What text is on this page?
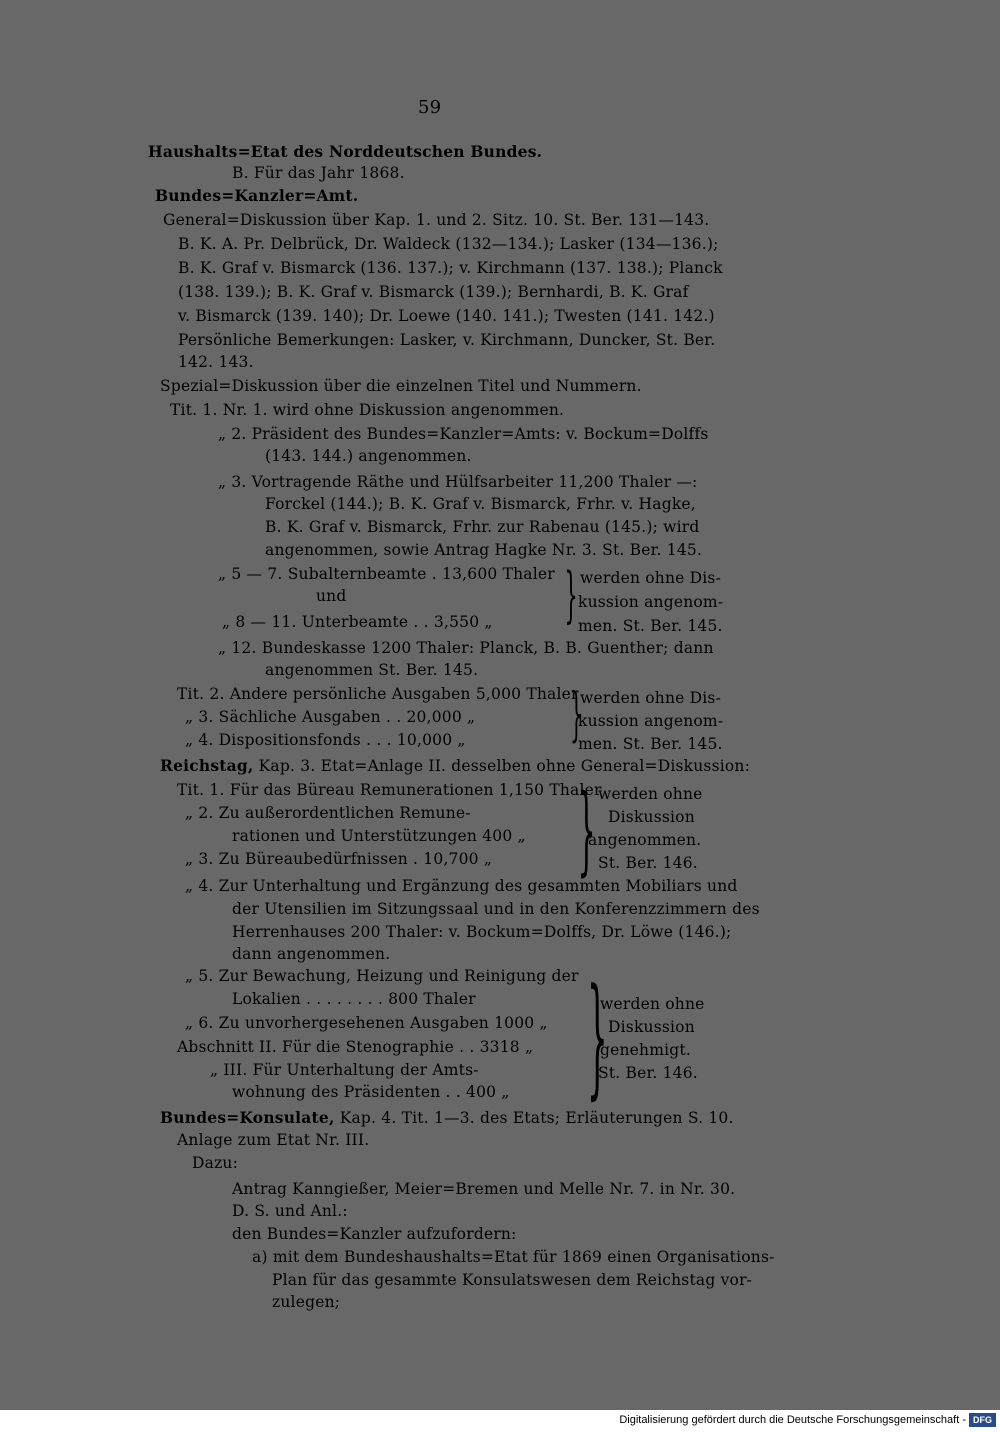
59
Haushalts=Etat des Norddeutschen Bundes.
B. Für das Jahr 1868.
Bundes=Kanzler=Amt.
General=Diskussion über Kap. 1. und 2. Sitz. 10. St. Ber. 131—143.
B. K. A. Pr. Delbrück, Dr. Waldeck (132—134.); Lasker (134—136.);
B. K. Graf v. Bismarck (136. 137.); v. Kirchmann (137. 138.); Planck
(138. 139.); B. K. Graf v. Bismarck (139.); Bernhardi, B. K. Graf
v. Bismarck (139. 140); Dr. Loewe (140. 141.); Twesten (141. 142.)
Persönliche Bemerkungen: Lasker, v. Kirchmann, Duncker, St. Ber.
142. 143.
Spezial=Diskussion über die einzelnen Titel und Nummern.
Tit. 1. Nr. 1. wird ohne Diskussion angenommen.
„ 2. Präsident des Bundes=Kanzler=Amts: v. Bockum=Dolffs
(143. 144.) angenommen.
„ 3. Vortragende Räthe und Hülfsarbeiter 11,200 Thaler —:
Forckel (144.); B. K. Graf v. Bismarck, Frhr. v. Hagke,
B. K. Graf v. Bismarck, Frhr. zur Rabenau (145.); wird
angenommen, sowie Antrag Hagke Nr. 3. St. Ber. 145.
„ 5 — 7. Subalternbeamte . 13,600 Thaler
und
„ 8 — 11. Unterbeamte . . 3,550 „ } werden ohne Dis-
kussion angenom-
men. St. Ber. 145.
„ 12. Bundeskasse 1200 Thaler: Planck, B. B. Guenther; dann
angenommen St. Ber. 145.
Tit. 2. Andere persönliche Ausgaben 5,000 Thaler
„ 3. Sächliche Ausgaben . . 20,000 „
„ 4. Dispositionsfonds . . . 10,000 „ }
werden ohne Dis-
kussion angenom-
men. St. Ber. 145.
Reichstag, Kap. 3. Etat=Anlage II. desselben ohne General=Diskussion:
Tit. 1. Für das Büreau Remunerationen 1,150 Thaler
„ 2. Zu außerordentlichen Remune-
rationen und Unterstützungen 400 „
„ 3. Zu Büreaubedürfnissen . 10,700 „ } werden ohne
Diskussion
angenommen.
St. Ber. 146.
„ 4. Zur Unterhaltung und Ergänzung des gesammten Mobiliars und
der Utensilien im Sitzungssaal und in den Konferenzzimmern des
Herrenhauses 200 Thaler: v. Bockum=Dolffs, Dr. Löwe (146.);
dann angenommen.
„ 5. Zur Bewachung, Heizung und Reinigung der
Lokalien . . . . . . . . 800 Thaler
„ 6. Zu unvorhergesehenen Ausgaben 1000 „
Abschnitt II. Für die Stenographie . . 3318 „
„ III. Für Unterhaltung der Amts-
wohnung des Präsidenten . . 400 „ }
werden ohne
Diskussion
genehmigt.
St. Ber. 146.
Bundes=Konsulate, Kap. 4. Tit. 1—3. des Etats; Erläuterungen S. 10.
Anlage zum Etat Nr. III.
Dazu:
Antrag Kanngießer, Meier=Bremen und Melle Nr. 7. in Nr. 30.
D. S. und Anl.:
den Bundes=Kanzler aufzufordern:
a) mit dem Bundeshaushalts=Etat für 1869 einen Organisations-
Plan für das gesammte Konsulatswesen dem Reichstag vor-
zulegen;
Digitalisierung gefördert durch die Deutsche Forschungsgemeinschaft - DFG
